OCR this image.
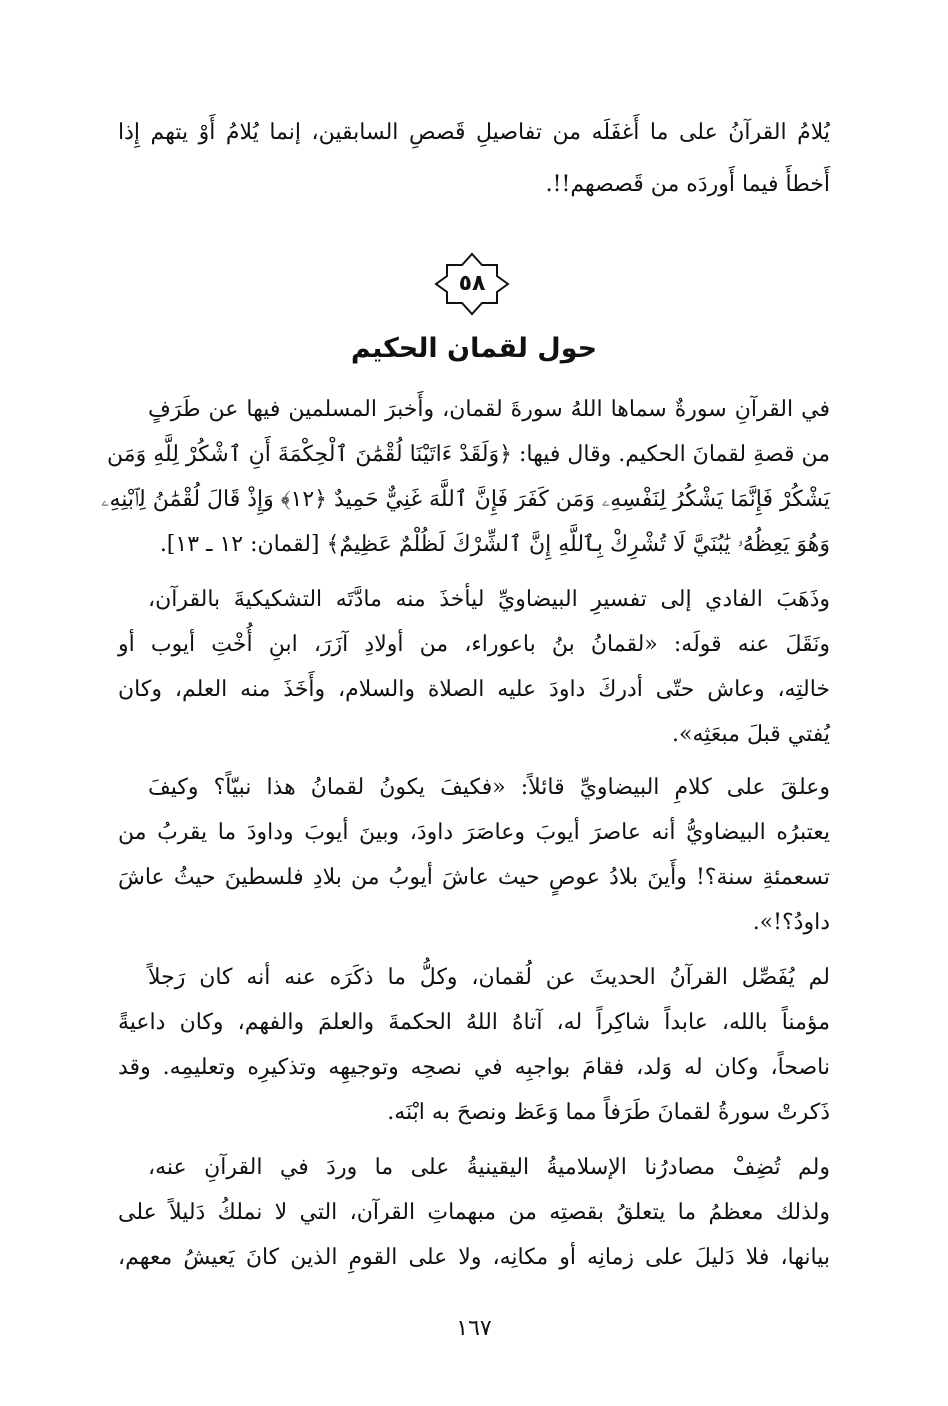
يُلامُ القرآنُ على ما أَغفَلَه من تفاصيلِ قَصصِ السابقين، إنما يُلامُ أَوْ يتهم إِذا
أَخطأَ فيما أَوردَه من قَصصهم!!.
في القرآنِ سورةٌ سماها اللهُ سورةَ لقمان، وأَخبرَ المسلمين فيها عن طَرَفٍ
من قصةِ لقمانَ الحكيم. وقال فيها: ﴿وَلَقَدْ ءَاتَيْنَا لُقْمَٰنَ ٱلْحِكْمَةَ أَنِ ٱشْكُرْ لِلَّهِ وَمَن
يَشْكُرْ فَإِنَّمَا يَشْكُرُ لِنَفْسِهِۦ وَمَن كَفَرَ فَإِنَّ ٱللَّهَ غَنِيٌّ حَمِيدٌ ﴿١٢﴾ وَإِذْ قَالَ لُقْمَٰنُ لِٱبْنِهِۦ
وَهُوَ يَعِظُهُۥ يَٰبُنَيَّ لَا تُشْرِكْ بِٱللَّهِ إِنَّ ٱلشِّرْكَ لَظُلْمٌ عَظِيمٌ﴾ [لقمان: ١٢ ـ ١٣].
وذَهَبَ الفادي إلى تفسيرِ البيضاويِّ ليأخذَ منه مادَّتَه التشكيكيةَ بالقرآن،
ونَقَلَ عنه قولَه: «لقمانُ بنُ باعوراء، من أولادِ آزَرَ، ابنِ أُخْتِ أيوب أو
خالتِه، وعاش حتّى أدركَ داودَ عليه الصلاة والسلام، وأَخَذَ منه العلم، وكان
يُفتي قبلَ مبعَثِه».
وعلقَ على كلامِ البيضاويِّ قائلاً: «فكيفَ يكونُ لقمانُ هذا نبيّاً؟ وكيفَ
يعتبرُه البيضاويُّ أنه عاصرَ أيوبَ وعاصَرَ داودَ، وبينَ أيوبَ وداودَ ما يقربُ من
تسعمئةِ سنة؟! وأَينَ بلادُ عوصٍ حيث عاشَ أيوبُ من بلادِ فلسطينَ حيثُ عاشَ
داودُ؟!».
لم يُفَصِّل القرآنُ الحديثَ عن لُقمان، وكلُّ ما ذكَرَه عنه أنه كان رَجلاً
مؤمناً بالله، عابداً شاكِراً له، آتاهُ اللهُ الحكمةَ والعلمَ والفهم، وكان داعيةً
ناصحاً، وكان له وَلد، فقامَ بواجبِه في نصحِه وتوجيهِه وتذكيرِه وتعليمِه. وقد
ذَكرتْ سورةُ لقمانَ طَرَفاً مما وَعَظ ونصحَ به ابْنَه.
ولم تُضِفْ مصادرُنا الإسلاميةُ اليقينيةُ على ما وردَ في القرآنِ عنه،
ولذلك معظمُ ما يتعلقُ بقصتِه من مبهماتِ القرآن، التي لا نملكُ دَليلاً على
بيانها، فلا دَليلَ على زمانِه أو مكانِه، ولا على القومِ الذين كانَ يَعيشُ معهم،
٥٨
حول لقمان الحكيم
١٦٧
